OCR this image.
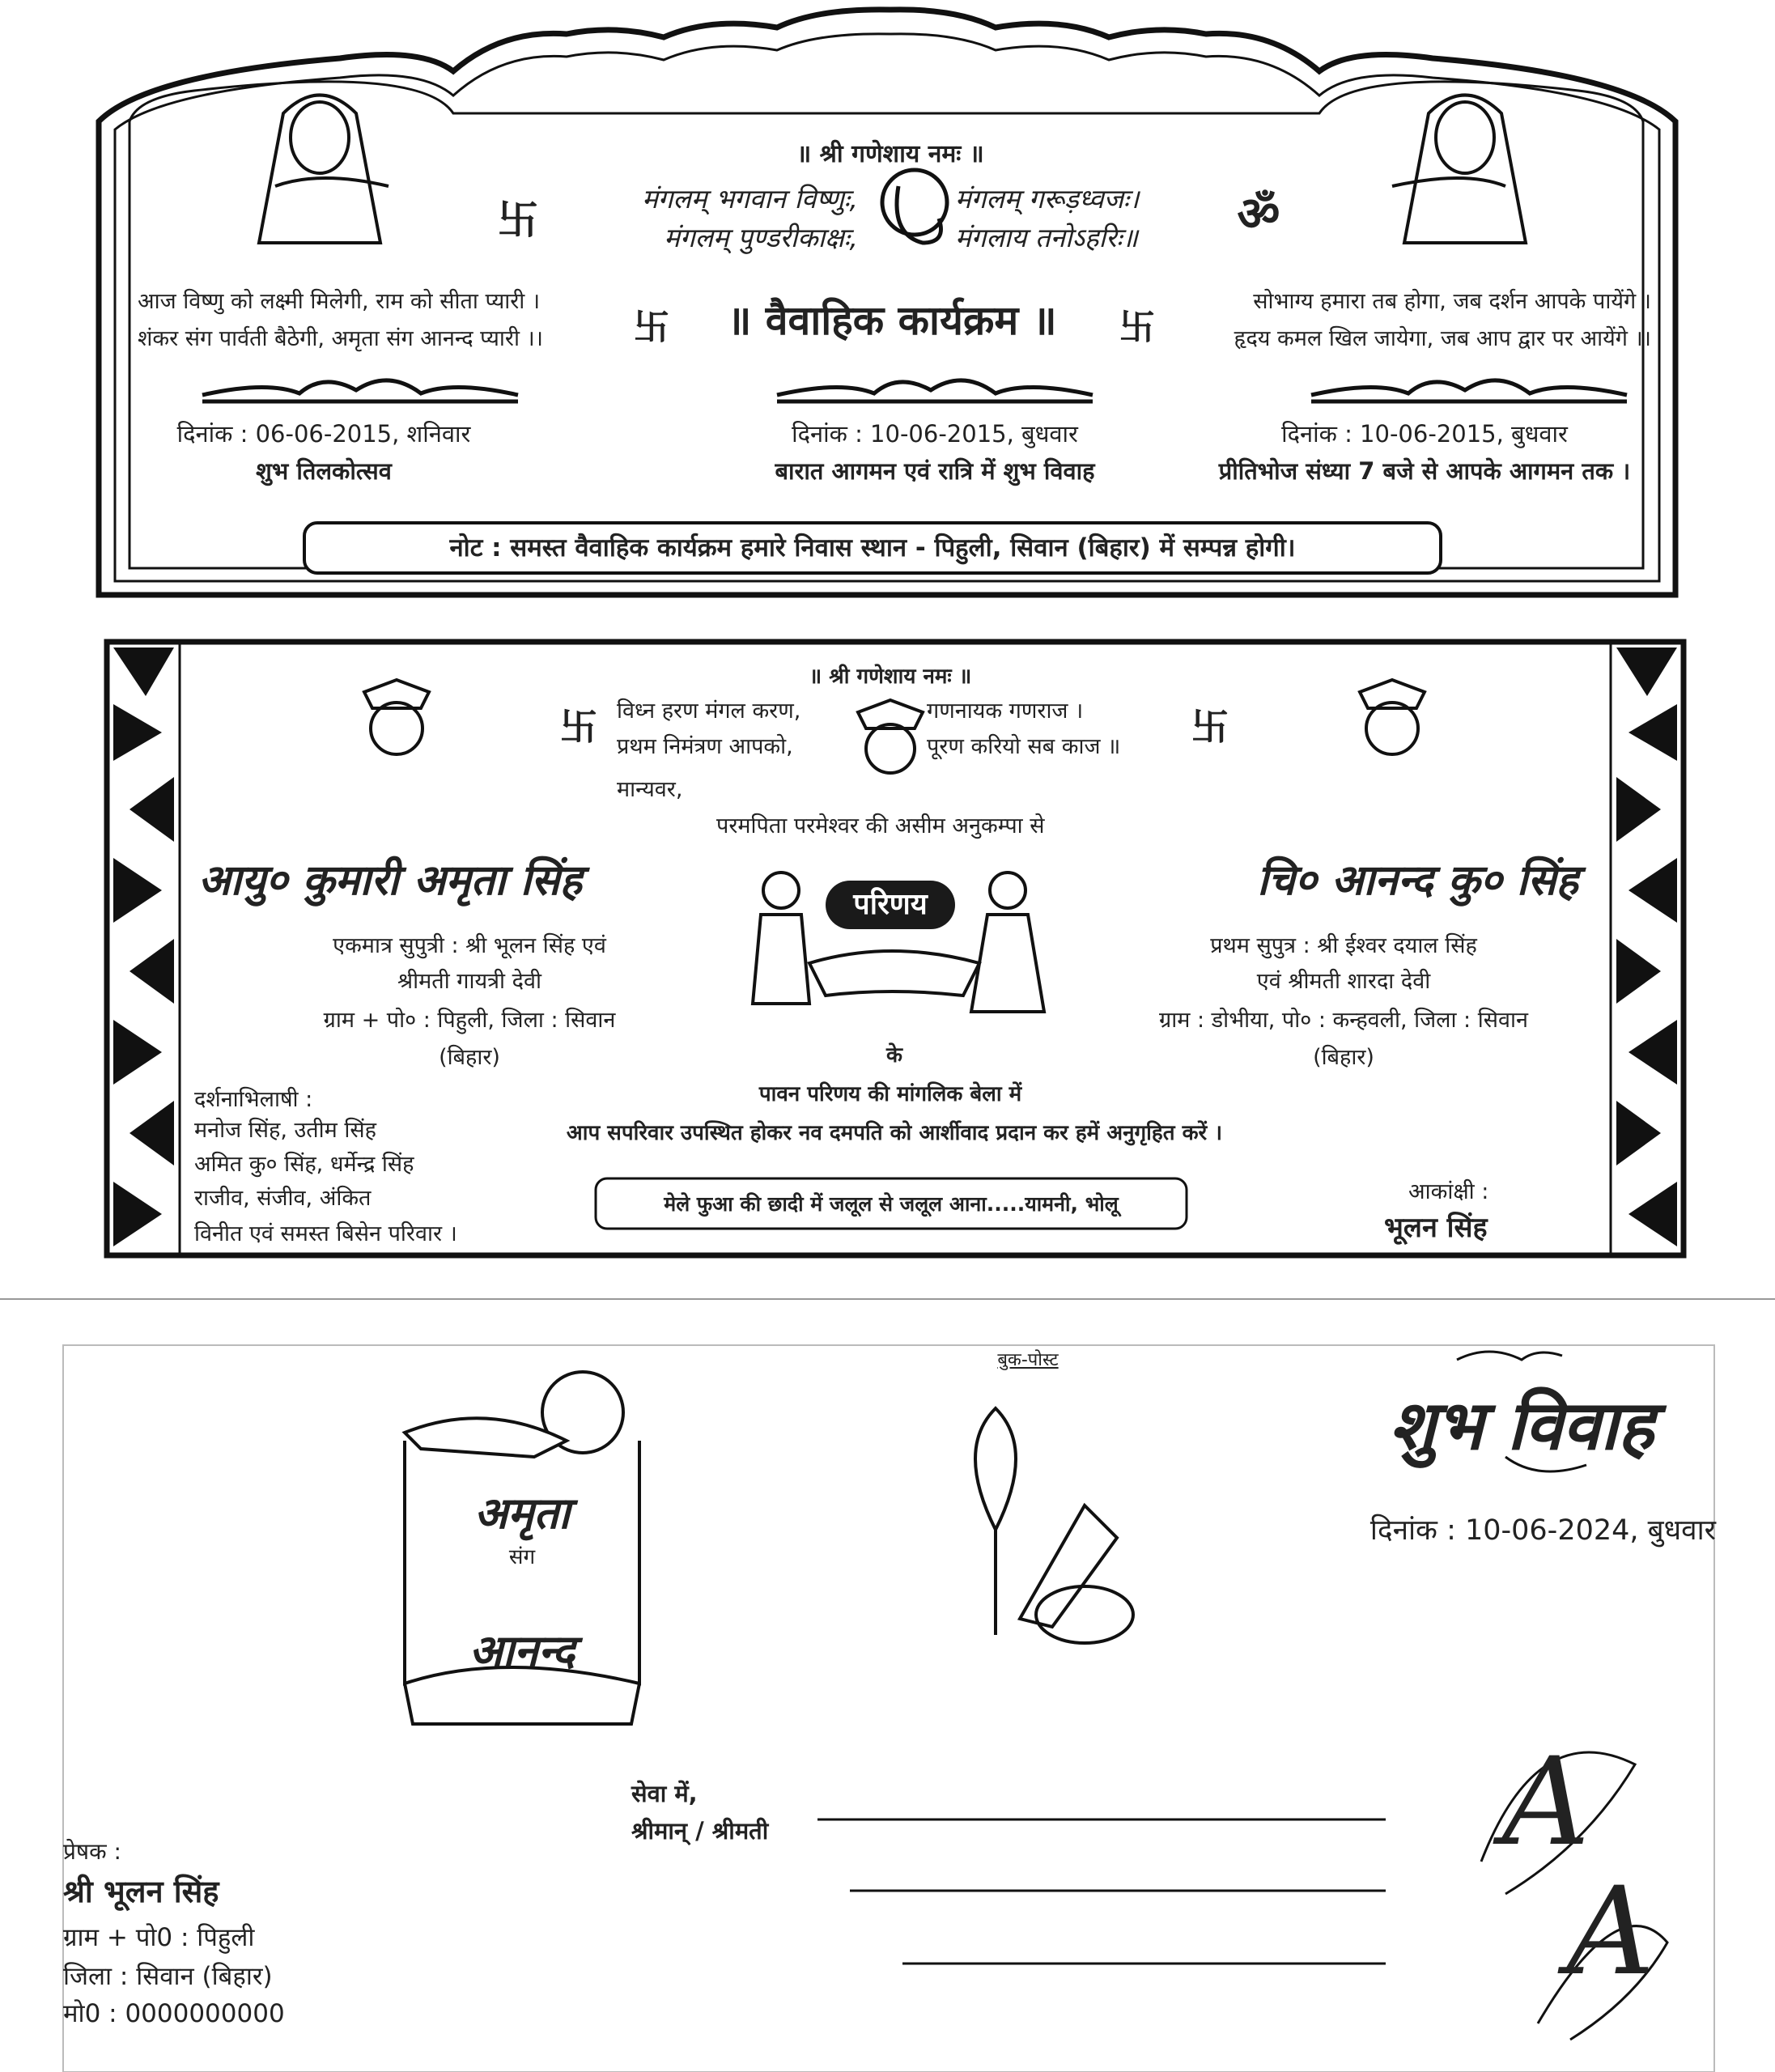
॥ श्री गणेशाय नमः ॥
मंगलम् भगवान विष्णुः,
मंगलम् पुण्डरीकाक्षः,
मंगलम् गरूड़ध्वजः।
मंगलाय तनोऽहरिः॥
卐	ॐ
आज विष्णु को लक्ष्मी मिलेगी, राम को सीता प्यारी ।
शंकर संग पार्वती बैठेगी, अमृता संग आनन्द प्यारी ।।
सोभाग्य हमारा तब होगा, जब दर्शन आपके पायेंगे ।
हृदय कमल खिल जायेगा, जब आप द्वार पर आयेंगे ।।
卐	॥ वैवाहिक कार्यक्रम ॥	卐
दिनांक : 06-06-2015, शनिवार
शुभ तिलकोत्सव
दिनांक : 10-06-2015, बुधवार
बारात आगमन एवं रात्रि में शुभ विवाह
दिनांक : 10-06-2015, बुधवार
प्रीतिभोज संध्या 7 बजे से आपके आगमन तक ।
नोट : समस्त वैवाहिक कार्यक्रम हमारे निवास स्थान - पिहुली, सिवान (बिहार) में सम्पन्न होगी।
॥ श्री गणेशाय नमः ॥
卐 विध्न हरण मंगल करण,
प्रथम निमंत्रण आपको,
गणनायक गणराज ।
पूरण करियो सब काज ॥ 卐
मान्यवर,
परमपिता परमेश्वर की असीम अनुकम्पा से
आयु० कुमारी अमृता सिंह
एकमात्र सुपुत्री : श्री भूलन सिंह एवं
श्रीमती गायत्री देवी
ग्राम + पो० : पिहुली, जिला : सिवान
(बिहार)
परिणय	चि० आनन्द कु० सिंह
प्रथम सुपुत्र : श्री ईश्वर दयाल सिंह
एवं श्रीमती शारदा देवी
ग्राम : डोभीया, पो० : कन्हवली, जिला : सिवान
(बिहार)
के
पावन परिणय की मांगलिक बेला में
आप सपरिवार उपस्थित होकर नव दमपति को आर्शीवाद प्रदान कर हमें अनुगृहित करें ।
दर्शनाभिलाषी :
मनोज सिंह, उतीम सिंह
अमित कु० सिंह, धर्मेन्द्र सिंह
राजीव, संजीव, अंकित
विनीत एवं समस्त बिसेन परिवार ।
मेले फुआ की छादी में जलूल से जलूल आना.....यामनी, भोलू	आकांक्षी :
भूलन सिंह
अमृता
संग
आनन्द
बुक-पोस्ट
शुभ विवाह
दिनांक : 10-06-2024, बुधवार
सेवा में,
श्रीमान् / श्रीमती
प्रेषक :
श्री भूलन सिंह
ग्राम + पो0 : पिहुली
जिला : सिवान (बिहार)
मो0 : 0000000000
A
A
